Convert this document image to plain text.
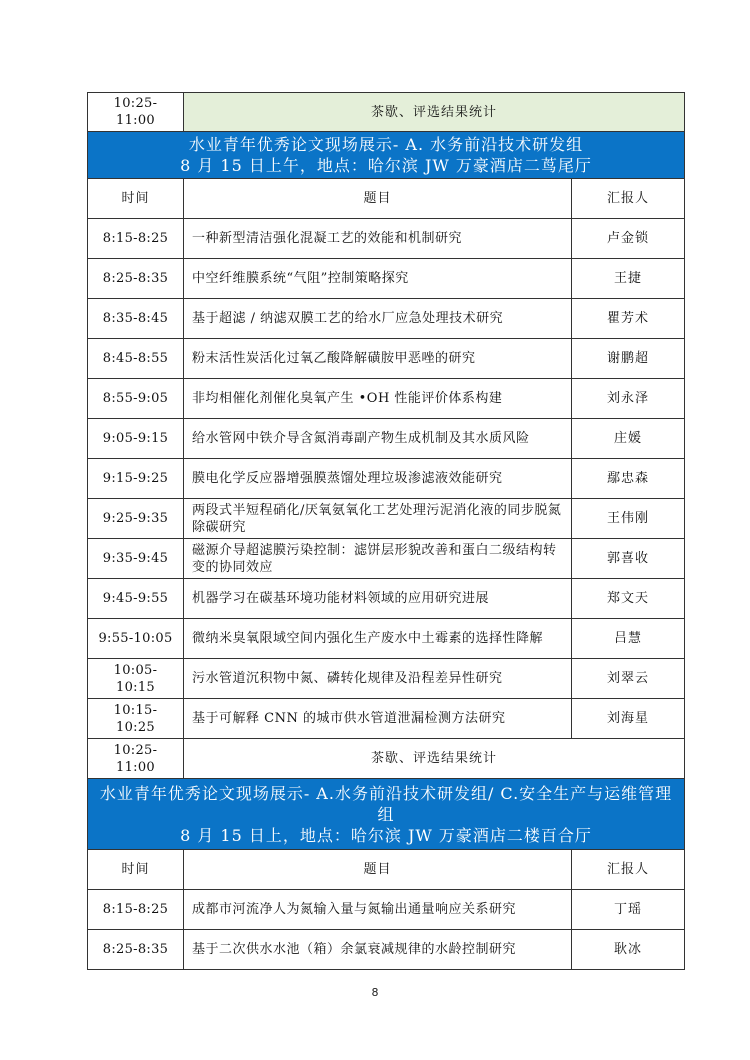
10:25-11:00	茶歇、评选结果统计	

水业青年优秀论文现场展示- A. 水务前沿技术研发组
8 月 15 日上午，地点：哈尔滨 JW 万豪酒店二茑尾厅		

时间	题目	汇报人
8:15-8:25	一种新型清洁强化混凝工艺的效能和机制研究	卢金锁
8:25-8:35	中空纤维膜系统“气阻”控制策略探究	王捷
8:35-8:45	基于超滤 / 纳滤双膜工艺的给水厂应急处理技术研究	瞿芳术
8:45-8:55	粉末活性炭活化过氧乙酸降解磺胺甲恶唑的研究	谢鹏超
8:55-9:05	非均相催化剂催化臭氧产生 •OH 性能评价体系构建	刘永泽
9:05-9:15	给水管网中铁介导含氮消毒副产物生成机制及其水质风险	庄媛
9:15-9:25	膜电化学反应器增强膜蒸馏处理垃圾渗滤液效能研究	鄢忠森
9:25-9:35	两段式半短程硝化/厌氧氨氧化工艺处理污泥消化液的同步脱氮除碳研究	王伟刚
9:35-9:45	磁源介导超滤膜污染控制：滤饼层形貌改善和蛋白二级结构转变的协同效应	郭喜收
9:45-9:55	机器学习在碳基环境功能材料领域的应用研究进展	郑文天
9:55-10:05	微纳米臭氧限域空间内强化生产废水中土霉素的选择性降解	吕慧
10:05-10:15	污水管道沉积物中氮、磷转化规律及沿程差异性研究	刘翠云
10:15-10:25	基于可解释 CNN 的城市供水管道泄漏检测方法研究	刘海星
10:25-11:00	茶歇、评选结果统计	

水业青年优秀论文现场展示- A.水务前沿技术研发组/ C.安全生产与运维管理组
8 月 15 日上，地点：哈尔滨 JW 万豪酒店二楼百合厅		

时间	题目	汇报人
8:15-8:25	成都市河流净人为氮输入量与氮输出通量响应关系研究	丁瑶
8:25-8:35	基于二次供水水池（箱）余氯衰减规律的水龄控制研究	耿冰
8
